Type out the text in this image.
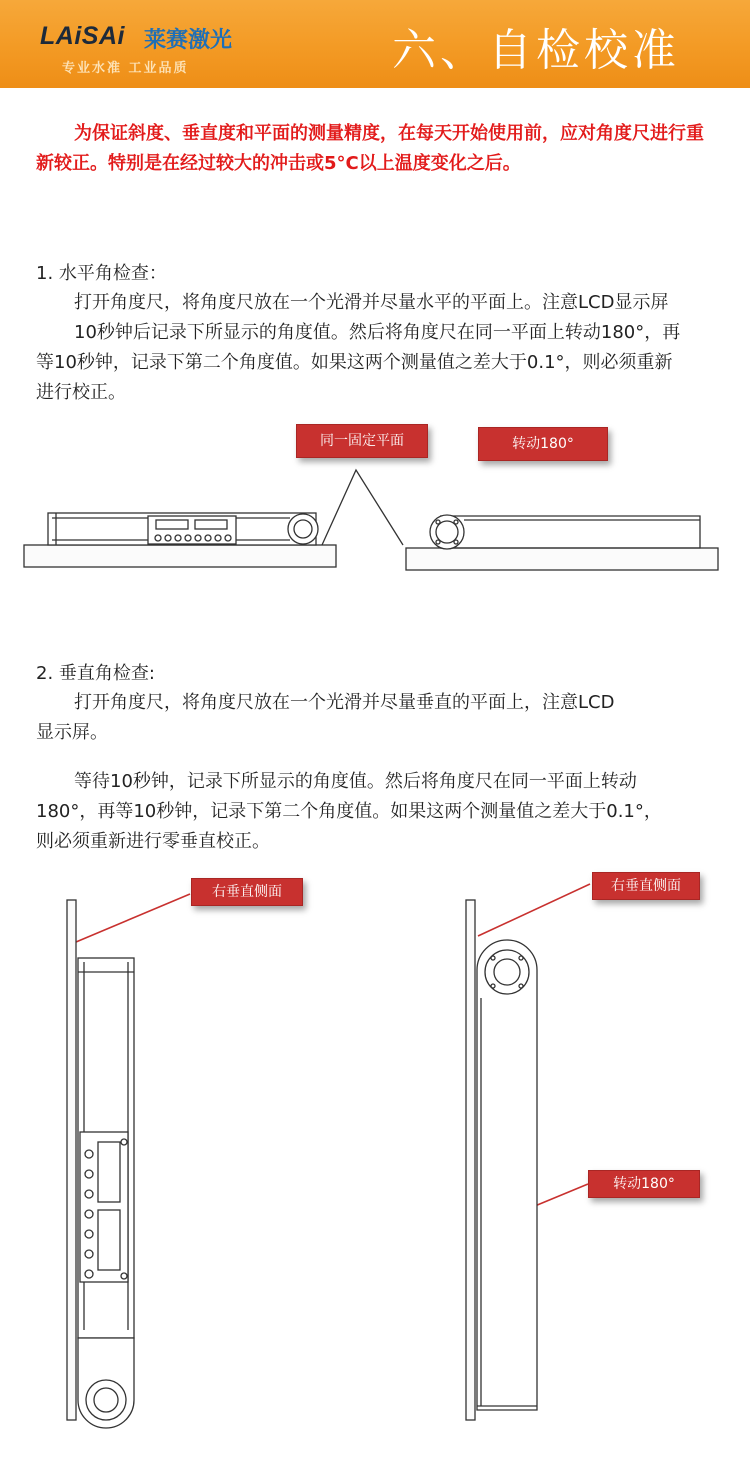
LAiSAi 莱赛激光
专业水准 工业品质	六、自检校准
为保证斜度、垂直度和平面的测量精度，在每天开始使用前，应对角度尺进行重新较正。特别是在经过较大的冲击或5°C以上温度变化之后。
1. 水平角检查：
打开角度尺，将角度尺放在一个光滑并尽量水平的平面上。注意LCD显示屏
10秒钟后记录下所显示的角度值。然后将角度尺在同一平面上转动180°，再
等10秒钟，记录下第二个角度值。如果这两个测量值之差大于0.1°，则必须重新
进行校正。
同一固定平面	转动180°
2. 垂直角检查:
打开角度尺，将角度尺放在一个光滑并尽量垂直的平面上，注意LCD
显示屏。
等待10秒钟，记录下所显示的角度值。然后将角度尺在同一平面上转动
180°，再等10秒钟，记录下第二个角度值。如果这两个测量值之差大于0.1°，
则必须重新进行零垂直校正。
右垂直侧面	右垂直侧面
转动180°
